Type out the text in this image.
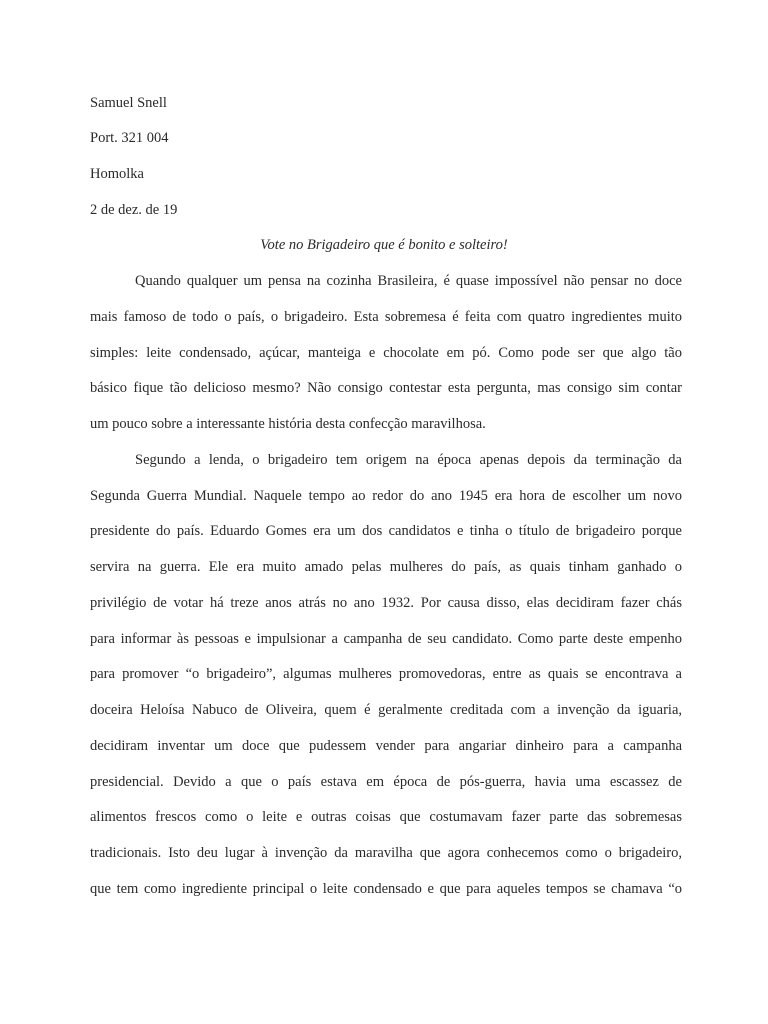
Samuel Snell
Port. 321 004
Homolka
2 de dez. de 19
Vote no Brigadeiro que é bonito e solteiro!
Quando qualquer um pensa na cozinha Brasileira, é quase impossível não pensar no doce
mais famoso de todo o país, o brigadeiro. Esta sobremesa é feita com quatro ingredientes muito
simples: leite condensado, açúcar, manteiga e chocolate em pó. Como pode ser que algo tão
básico fique tão delicioso mesmo? Não consigo contestar esta pergunta, mas consigo sim contar
um pouco sobre a interessante história desta confecção maravilhosa.
Segundo a lenda, o brigadeiro tem origem na época apenas depois da terminação da
Segunda Guerra Mundial. Naquele tempo ao redor do ano 1945 era hora de escolher um novo
presidente do país. Eduardo Gomes era um dos candidatos e tinha o título de brigadeiro porque
servira na guerra. Ele era muito amado pelas mulheres do país, as quais tinham ganhado o
privilégio de votar há treze anos atrás no ano 1932. Por causa disso, elas decidiram fazer chás
para informar às pessoas e impulsionar a campanha de seu candidato. Como parte deste empenho
para promover “o brigadeiro”, algumas mulheres promovedoras, entre as quais se encontrava a
doceira Heloísa Nabuco de Oliveira, quem é geralmente creditada com a invenção da iguaria,
decidiram inventar um doce que pudessem vender para angariar dinheiro para a campanha
presidencial. Devido a que o país estava em época de pós-guerra, havia uma escassez de
alimentos frescos como o leite e outras coisas que costumavam fazer parte das sobremesas
tradicionais. Isto deu lugar à invenção da maravilha que agora conhecemos como o brigadeiro,
que tem como ingrediente principal o leite condensado e que para aqueles tempos se chamava “o
